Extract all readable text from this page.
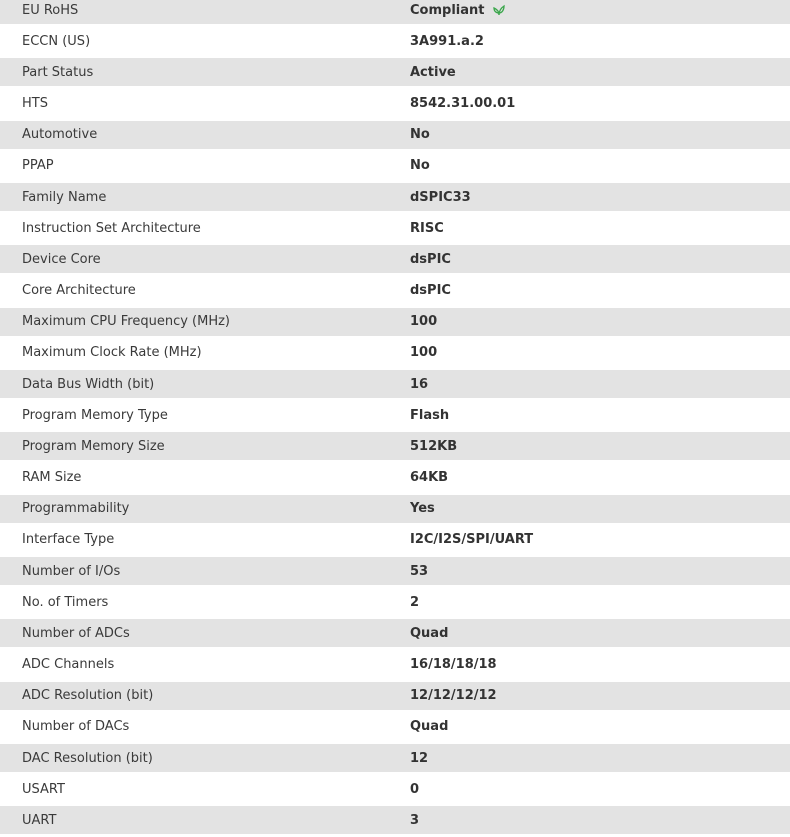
EU RoHS	Compliant
ECCN (US)	3A991.a.2
Part Status	Active
HTS	8542.31.00.01
Automotive	No
PPAP	No
Family Name	dSPIC33
Instruction Set Architecture	RISC
Device Core	dsPIC
Core Architecture	dsPIC
Maximum CPU Frequency (MHz)	100
Maximum Clock Rate (MHz)	100
Data Bus Width (bit)	16
Program Memory Type	Flash
Program Memory Size	512KB
RAM Size	64KB
Programmability	Yes
Interface Type	I2C/I2S/SPI/UART
Number of I/Os	53
No. of Timers	2
Number of ADCs	Quad
ADC Channels	16/18/18/18
ADC Resolution (bit)	12/12/12/12
Number of DACs	Quad
DAC Resolution (bit)	12
USART	0
UART	3
